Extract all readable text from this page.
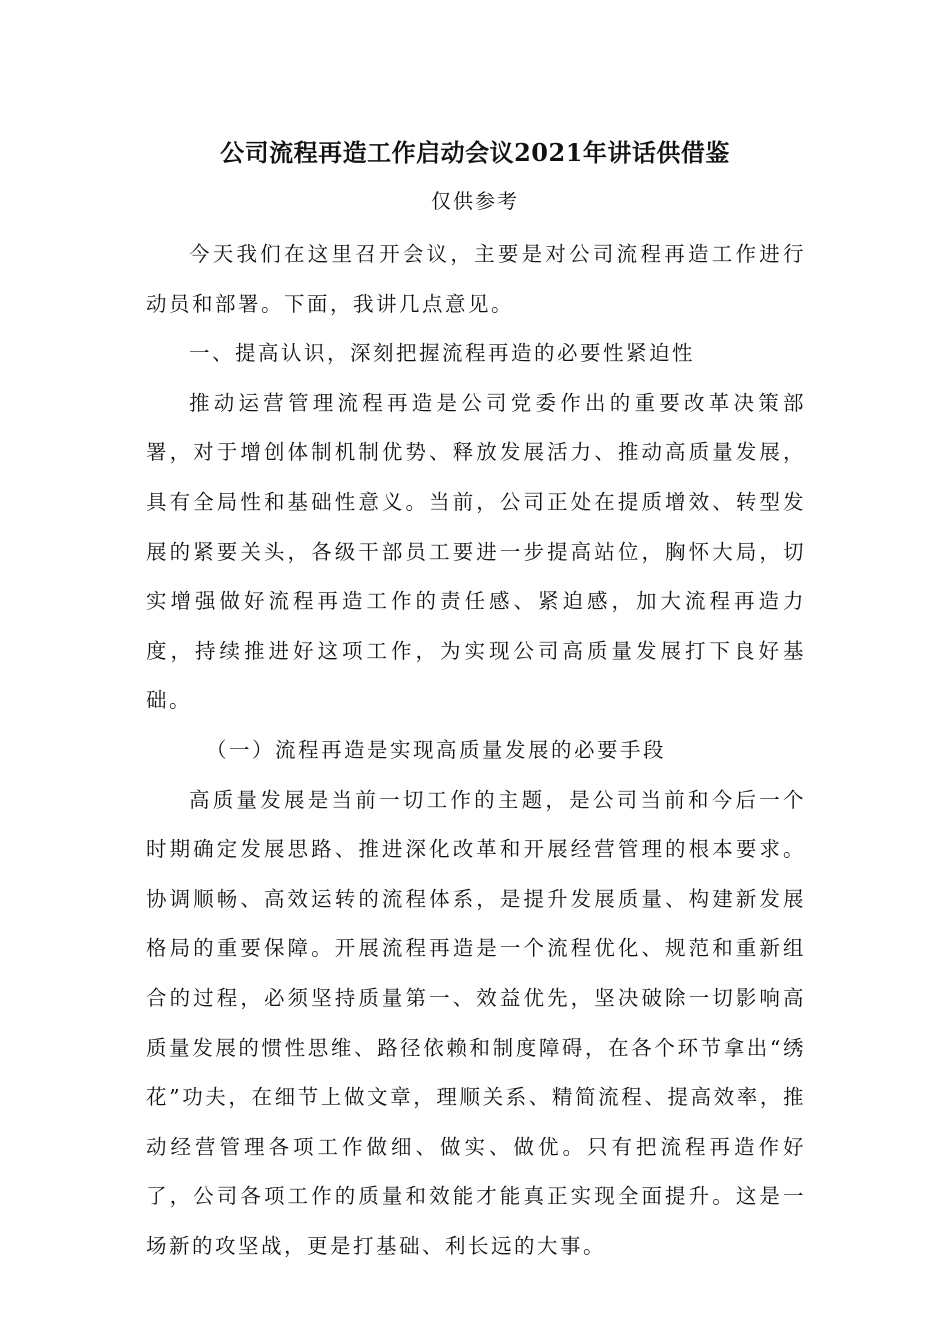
公司流程再造工作启动会议2021年讲话供借鉴
仅供参考

今天我们在这里召开会议，主要是对公司流程再造工作进行动员和部署。下面，我讲几点意见。

一、提高认识，深刻把握流程再造的必要性紧迫性

推动运营管理流程再造是公司党委作出的重要改革决策部署，对于增创体制机制优势、释放发展活力、推动高质量发展，具有全局性和基础性意义。当前，公司正处在提质增效、转型发展的紧要关头，各级干部员工要进一步提高站位，胸怀大局，切实增强做好流程再造工作的责任感、紧迫感，加大流程再造力度，持续推进好这项工作，为实现公司高质量发展打下良好基础。

（一）流程再造是实现高质量发展的必要手段

高质量发展是当前一切工作的主题，是公司当前和今后一个时期确定发展思路、推进深化改革和开展经营管理的根本要求。协调顺畅、高效运转的流程体系，是提升发展质量、构建新发展格局的重要保障。开展流程再造是一个流程优化、规范和重新组合的过程，必须坚持质量第一、效益优先，坚决破除一切影响高质量发展的惯性思维、路径依赖和制度障碍，在各个环节拿出“绣花”功夫，在细节上做文章，理顺关系、精简流程、提高效率，推动经营管理各项工作做细、做实、做优。只有把流程再造作好了，公司各项工作的质量和效能才能真正实现全面提升。这是一场新的攻坚战，更是打基础、利长远的大事。
